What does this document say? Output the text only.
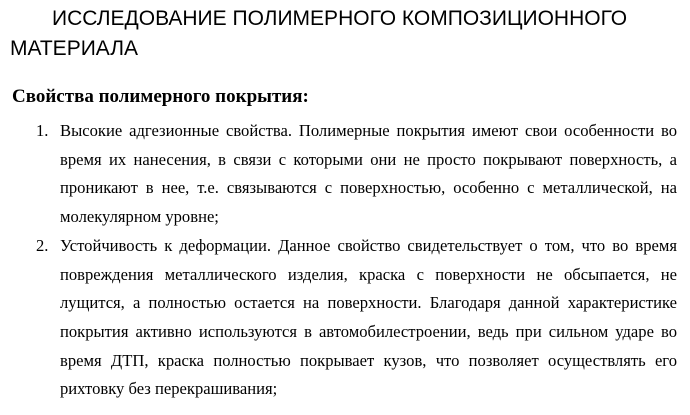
ИССЛЕДОВАНИЕ ПОЛИМЕРНОГО КОМПОЗИЦИОННОГО МАТЕРИАЛА
Свойства полимерного покрытия:
1. Высокие адгезионные свойства. Полимерные покрытия имеют свои особенности во время их нанесения, в связи с которыми они не просто покрывают поверхность, а проникают в нее, т.е. связываются с поверхностью, особенно с металлической, на молекулярном уровне;
2. Устойчивость к деформации. Данное свойство свидетельствует о том, что во время повреждения металлического изделия, краска с поверхности не обсыпается, не лущится, а полностью остается на поверхности. Благодаря данной характеристике покрытия активно используются в автомобилестроении, ведь при сильном ударе во время ДТП, краска полностью покрывает кузов, что позволяет осуществлять его рихтовку без перекрашивания;
